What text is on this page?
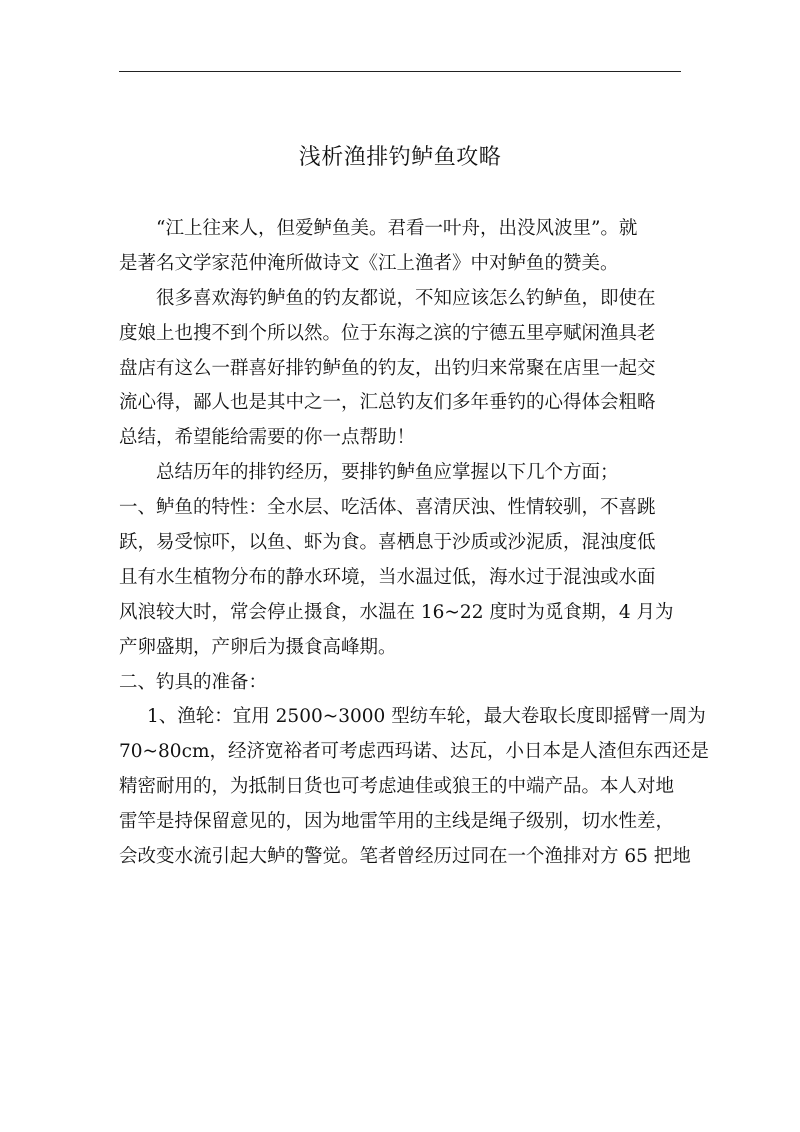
浅析渔排钓鲈鱼攻略
“江上往来人，但爱鲈鱼美。君看一叶舟，出没风波里”。就
是著名文学家范仲淹所做诗文《江上渔者》中对鲈鱼的赞美。
很多喜欢海钓鲈鱼的钓友都说，不知应该怎么钓鲈鱼，即使在
度娘上也搜不到个所以然。位于东海之滨的宁德五里亭赋闲渔具老
盘店有这么一群喜好排钓鲈鱼的钓友，出钓归来常聚在店里一起交
流心得，鄙人也是其中之一，汇总钓友们多年垂钓的心得体会粗略
总结，希望能给需要的你一点帮助！
总结历年的排钓经历，要排钓鲈鱼应掌握以下几个方面；
一、鲈鱼的特性：全水层、吃活体、喜清厌浊、性情较驯，不喜跳
跃，易受惊吓，以鱼、虾为食。喜栖息于沙质或沙泥质，混浊度低
且有水生植物分布的静水环境，当水温过低，海水过于混浊或水面
风浪较大时，常会停止摄食，水温在 16~22 度时为觅食期，4 月为
产卵盛期，产卵后为摄食高峰期。
二、钓具的准备：
1、渔轮：宜用 2500~3000 型纺车轮，最大卷取长度即摇臂一周为
70~80cm，经济宽裕者可考虑西玛诺、达瓦，小日本是人渣但东西还是
精密耐用的，为抵制日货也可考虑迪佳或狼王的中端产品。本人对地
雷竿是持保留意见的，因为地雷竿用的主线是绳子级别，切水性差，
会改变水流引起大鲈的警觉。笔者曾经历过同在一个渔排对方 65 把地
